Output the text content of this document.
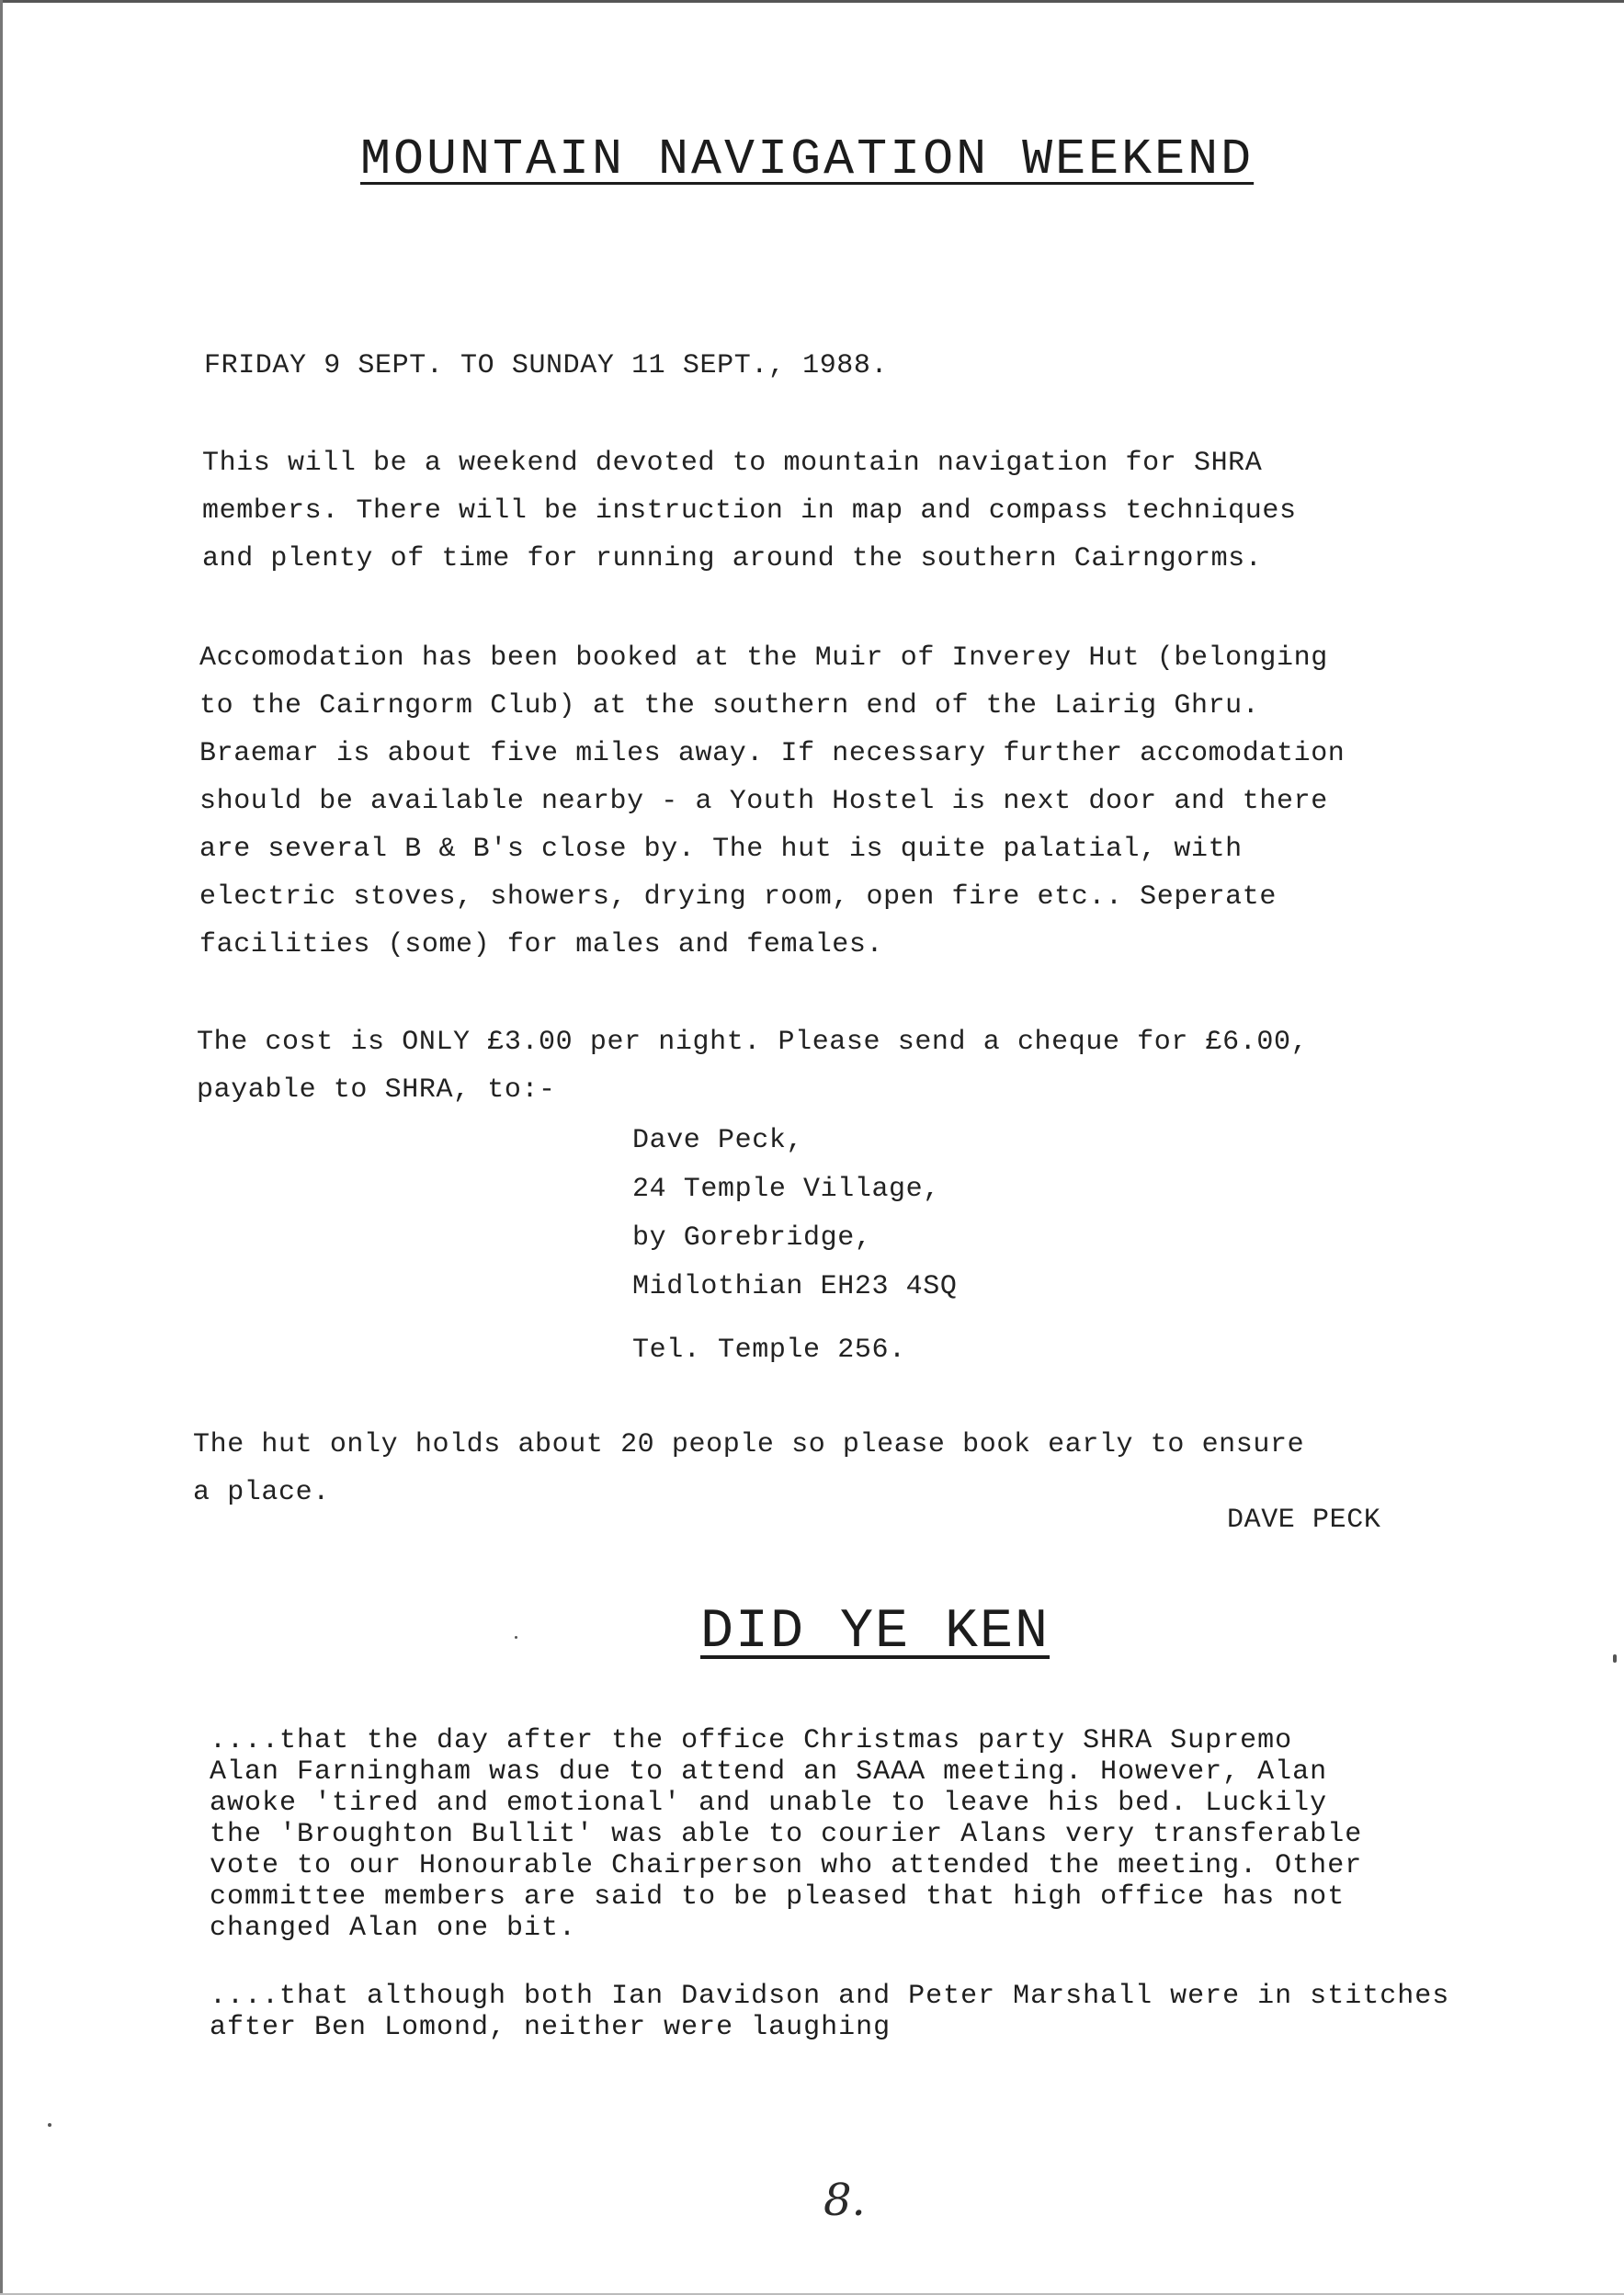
MOUNTAIN NAVIGATION WEEKEND
FRIDAY 9 SEPT. TO SUNDAY 11 SEPT., 1988.
This will be a weekend devoted to mountain navigation for SHRA
members. There will be instruction in map and compass techniques
and plenty of time for running around the southern Cairngorms.
Accomodation has been booked at the Muir of Inverey Hut (belonging
to the Cairngorm Club) at the southern end of the Lairig Ghru.
Braemar is about five miles away. If necessary further accomodation
should be available nearby - a Youth Hostel is next door and there
are several B & B's close by. The hut is quite palatial, with
electric stoves, showers, drying room, open fire etc.. Seperate
facilities (some) for males and females.
The cost is ONLY £3.00 per night. Please send a cheque for £6.00,
payable to SHRA, to:-
Dave Peck,
24 Temple Village,
by Gorebridge,
Midlothian EH23 4SQ
Tel. Temple 256.
The hut only holds about 20 people so please book early to ensure
a place.
DAVE PECK
DID YE KEN
....that the day after the office Christmas party SHRA Supremo
Alan Farningham was due to attend an SAAA meeting. However, Alan
awoke 'tired and emotional' and unable to leave his bed. Luckily
the 'Broughton Bullit' was able to courier Alans very transferable
vote to our Honourable Chairperson who attended the meeting. Other
committee members are said to be pleased that high office has not
changed Alan one bit.
....that although both Ian Davidson and Peter Marshall were in stitches
after Ben Lomond, neither were laughing
8.
